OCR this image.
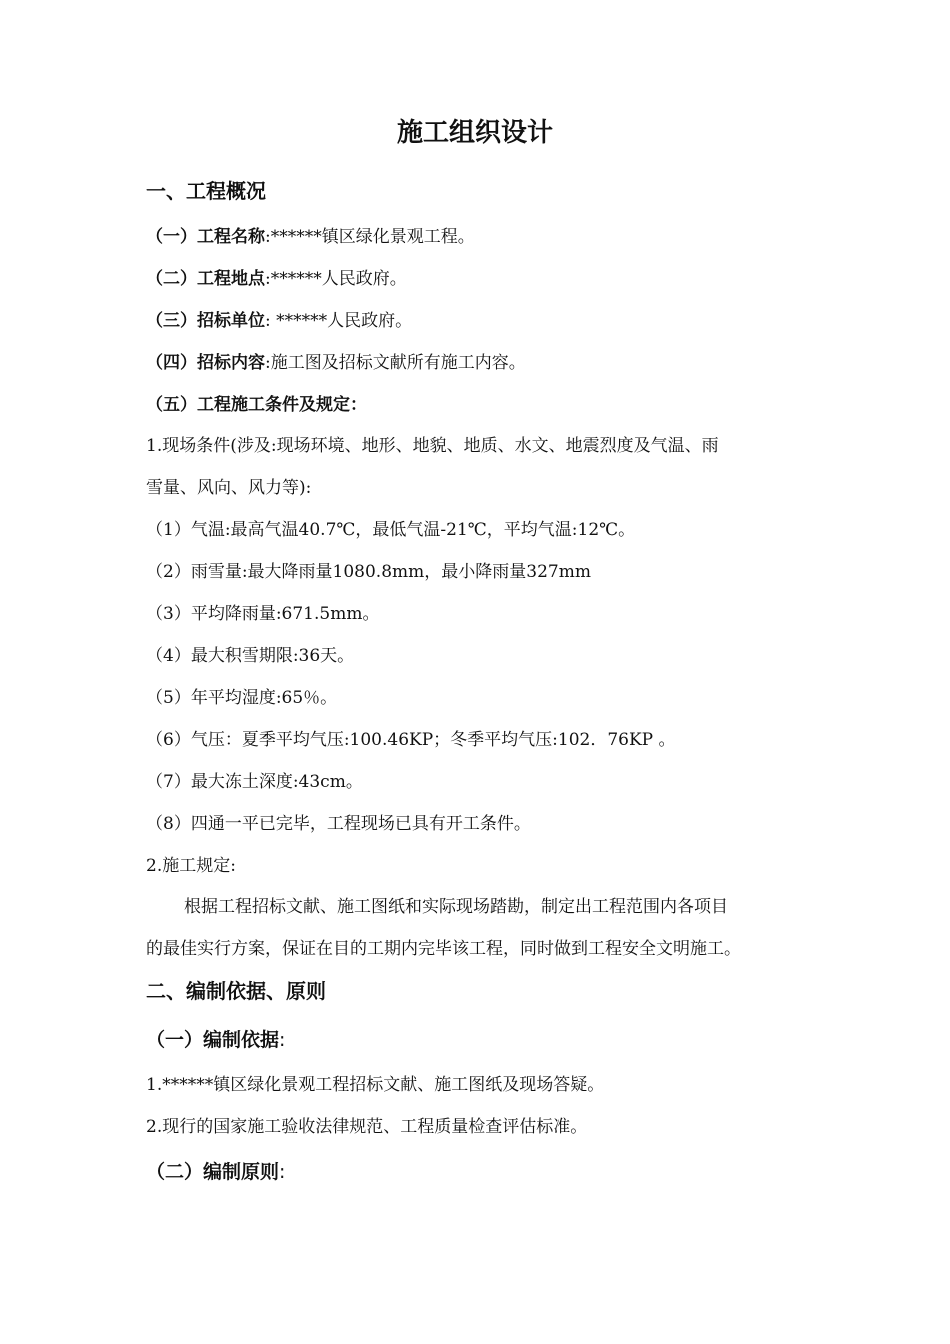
施工组织设计
一、工程概况
（一）工程名称:******镇区绿化景观工程。
（二）工程地点:******人民政府。
（三）招标单位: ******人民政府。
（四）招标内容:施工图及招标文献所有施工内容。
（五）工程施工条件及规定：
1.现场条件(涉及:现场环境、地形、地貌、地质、水文、地震烈度及气温、雨
雪量、风向、风力等):
（1）气温:最高气温40.7℃，最低气温-21℃，平均气温:12℃。
（2）雨雪量:最大降雨量1080.8mm，最小降雨量327mm
（3）平均降雨量:671.5mm。
（4）最大积雪期限:36天。
（5）年平均湿度:65％。
（6）气压：夏季平均气压:100.46KP；冬季平均气压:102．76KP 。
（7）最大冻土深度:43cm。
（8）四通一平已完毕，工程现场已具有开工条件。
2.施工规定:
根据工程招标文献、施工图纸和实际现场踏勘，制定出工程范围内各项目
的最佳实行方案，保证在目的工期内完毕该工程，同时做到工程安全文明施工。
二、编制依据、原则
（一）编制依据:
1.******镇区绿化景观工程招标文献、施工图纸及现场答疑。
2.现行的国家施工验收法律规范、工程质量检查评估标准。
（二）编制原则:
